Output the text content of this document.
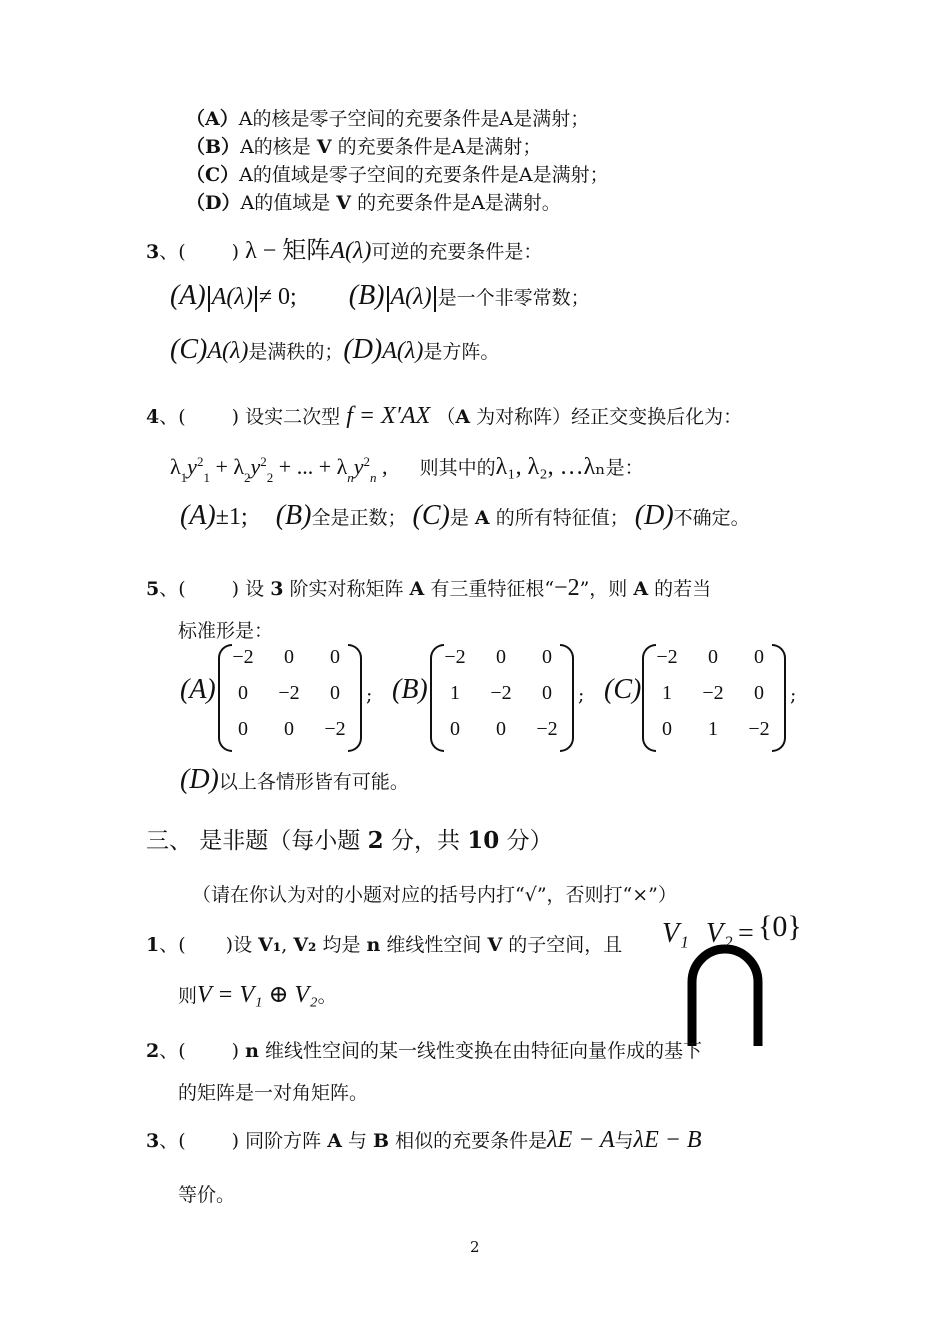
（A）A的核是零子空间的充要条件是A是满射；
（B）A的核是 V 的充要条件是A是满射；
（C）A的值域是零子空间的充要条件是A是满射；
（D）A的值域是 V 的充要条件是A是满射。
3、( ) λ − 矩阵A(λ)可逆的充要条件是：
(A) A(λ) ≠ 0; (B) A(λ) 是一个非零常数；
(C)A(λ)是满秩的；(D)A(λ)是方阵。
4、( ) 设实二次型 f = X′AX （A 为对称阵）经正交变换后化为：
$\lambda_1y^2_1 + \lambda_2y^2_2$ + ... + $\lambda_ny^2_n$ , 则其中的λ₁, λ₂, …λₙ是：
(A)±1; (B)全是正数； (C)是 A 的所有特征值； (D)不确定。
5、( ) 设 3 阶实对称矩阵 A 有三重特征根“−2”，则 A 的若当
标准形是：
(A)
−2	0	0
0	−2	0
0	0	−2
; (B)
−2	0	0
1	−2	0
0	0	−2
; (C)
−2	0	0
1	−2	0
0	1	−2
;
(D)以上各情形皆有可能。
三、 是非题（每小题 2 分，共 10 分）
（请在你认为对的小题对应的括号内打“√”，否则打“×”）
1、( )设 V₁, V₂ 均是 n 维线性空间 V 的子空间，且 V₁ V₂ = {0}
则V = V₁ ⊕ V₂。
2、( ) n 维线性空间的某一线性变换在由特征向量作成的基下
的矩阵是一对角矩阵。
3、( ) 同阶方阵 A 与 B 相似的充要条件是λE − A与λE − B
等价。
2
